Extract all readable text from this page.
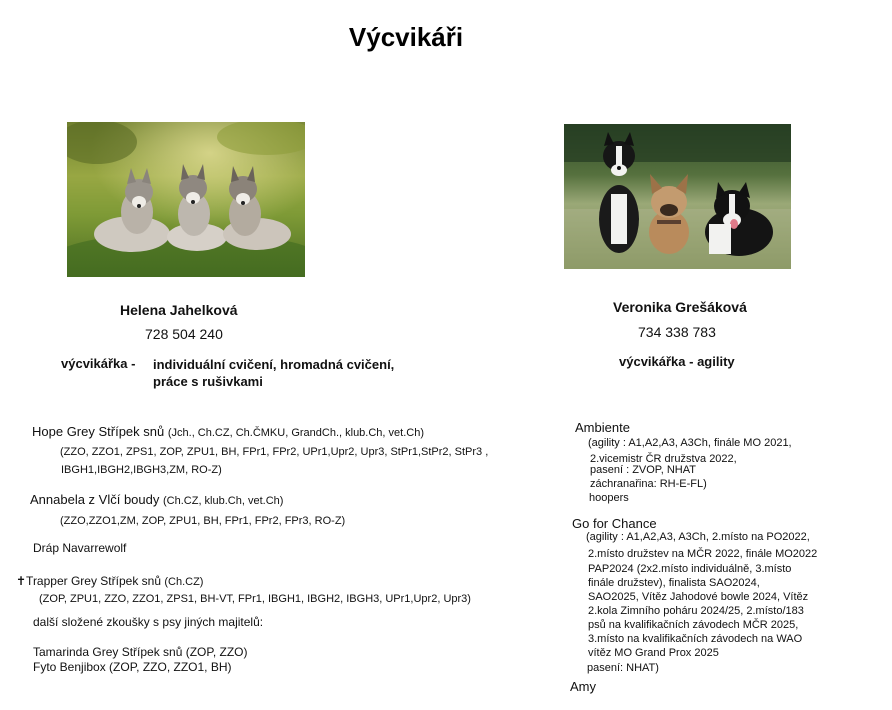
Výcvikáři
Helena Jahelková
728 504 240
výcvikářka - individuální cvičení, hromadná cvičení,
práce s rušivkami
Hope Grey Střípek snů (Jch., Ch.CZ, Ch.ČMKU, GrandCh., klub.Ch, vet.Ch)
(ZZO, ZZO1, ZPS1, ZOP, ZPU1, BH, FPr1, FPr2, UPr1,Upr2, Upr3, StPr1,StPr2, StPr3 ,
IBGH1,IBGH2,IBGH3,ZM, RO-Z)
Annabela z Vlčí boudy (Ch.CZ, klub.Ch, vet.Ch)
(ZZO,ZZO1,ZM, ZOP, ZPU1, BH, FPr1, FPr2, FPr3, RO-Z)
Dráp Navarrewolf
✝Trapper Grey Střípek snů (Ch.CZ)
(ZOP, ZPU1, ZZO, ZZO1, ZPS1, BH-VT, FPr1, IBGH1, IBGH2, IBGH3, UPr1,Upr2, Upr3)
další složené zkoušky s psy jiných majitelů:
Tamarinda Grey Střípek snů (ZOP, ZZO)
Fyto Benjibox (ZOP, ZZO, ZZO1, BH)
Veronika Grešáková
734 338 783
výcvikářka - agility
Ambiente
(agility : A1,A2,A3, A3Ch, finále MO 2021,
2.vicemistr ČR družstva 2022,
pasení : ZVOP, NHAT
záchranařina: RH-E-FL)
hoopers
Go for Chance
(agility : A1,A2,A3, A3Ch, 2.místo na PO2022,
2.místo družstev na MČR 2022, finále MO2022
PAP2024 (2x2.místo individuálně, 3.místo
finále družstev), finalista SAO2024,
SAO2025, Vítěz Jahodové bowle 2024, Vítěz
2.kola Zimního poháru 2024/25, 2.místo/183
psů na kvalifikačních závodech MČR 2025,
3.místo na kvalifikačních závodech na WAO
vítěz MO Grand Prox 2025
pasení: NHAT)
Amy
